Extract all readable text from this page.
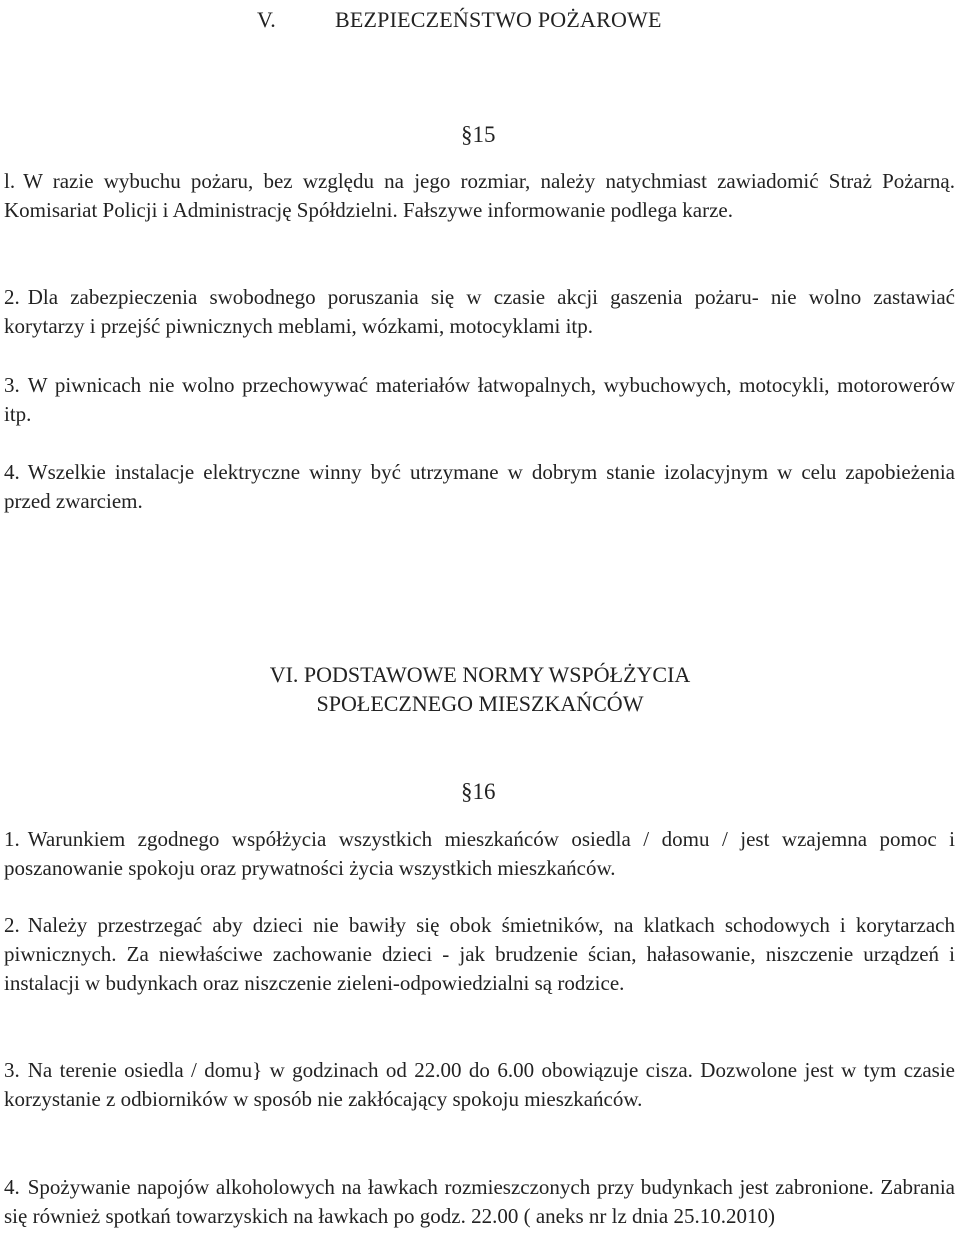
V.	BEZPIECZEŃSTWO POŻAROWE
§15
l. W razie wybuchu pożaru, bez względu na jego rozmiar, należy natychmiast zawiadomić Straż Pożarną. Komisariat Policji i Administrację Spółdzielni. Fałszywe informowanie podlega karze.
2. Dla zabezpieczenia swobodnego poruszania się w czasie akcji gaszenia pożaru- nie wolno zastawiać korytarzy i przejść piwnicznych meblami, wózkami, motocyklami itp.
3. W piwnicach nie wolno przechowywać materiałów łatwopalnych, wybuchowych, motocykli, motorowerów itp.
4. Wszelkie instalacje elektryczne winny być utrzymane w dobrym stanie izolacyjnym w celu zapobieżenia przed zwarciem.
VI. PODSTAWOWE NORMY WSPÓŁŻYCIA
SPOŁECZNEGO MIESZKAŃCÓW
§16
1. Warunkiem zgodnego współżycia wszystkich mieszkańców osiedla / domu / jest wzajemna pomoc i poszanowanie spokoju oraz prywatności życia wszystkich mieszkańców.
2. Należy przestrzegać aby dzieci nie bawiły się obok śmietników, na klatkach schodowych i korytarzach piwnicznych. Za niewłaściwe zachowanie dzieci - jak brudzenie ścian, hałasowanie, niszczenie urządzeń i instalacji w budynkach oraz niszczenie zieleni-odpowiedzialni są rodzice.
3. Na terenie osiedla / domu} w godzinach od 22.00 do 6.00 obowiązuje cisza. Dozwolone jest w tym czasie korzystanie z odbiorników w sposób nie zakłócający spokoju mieszkańców.
4. Spożywanie napojów alkoholowych na ławkach rozmieszczonych przy budynkach jest zabronione. Zabrania się również spotkań towarzyskich na ławkach po godz. 22.00 ( aneks nr lz dnia 25.10.2010)
